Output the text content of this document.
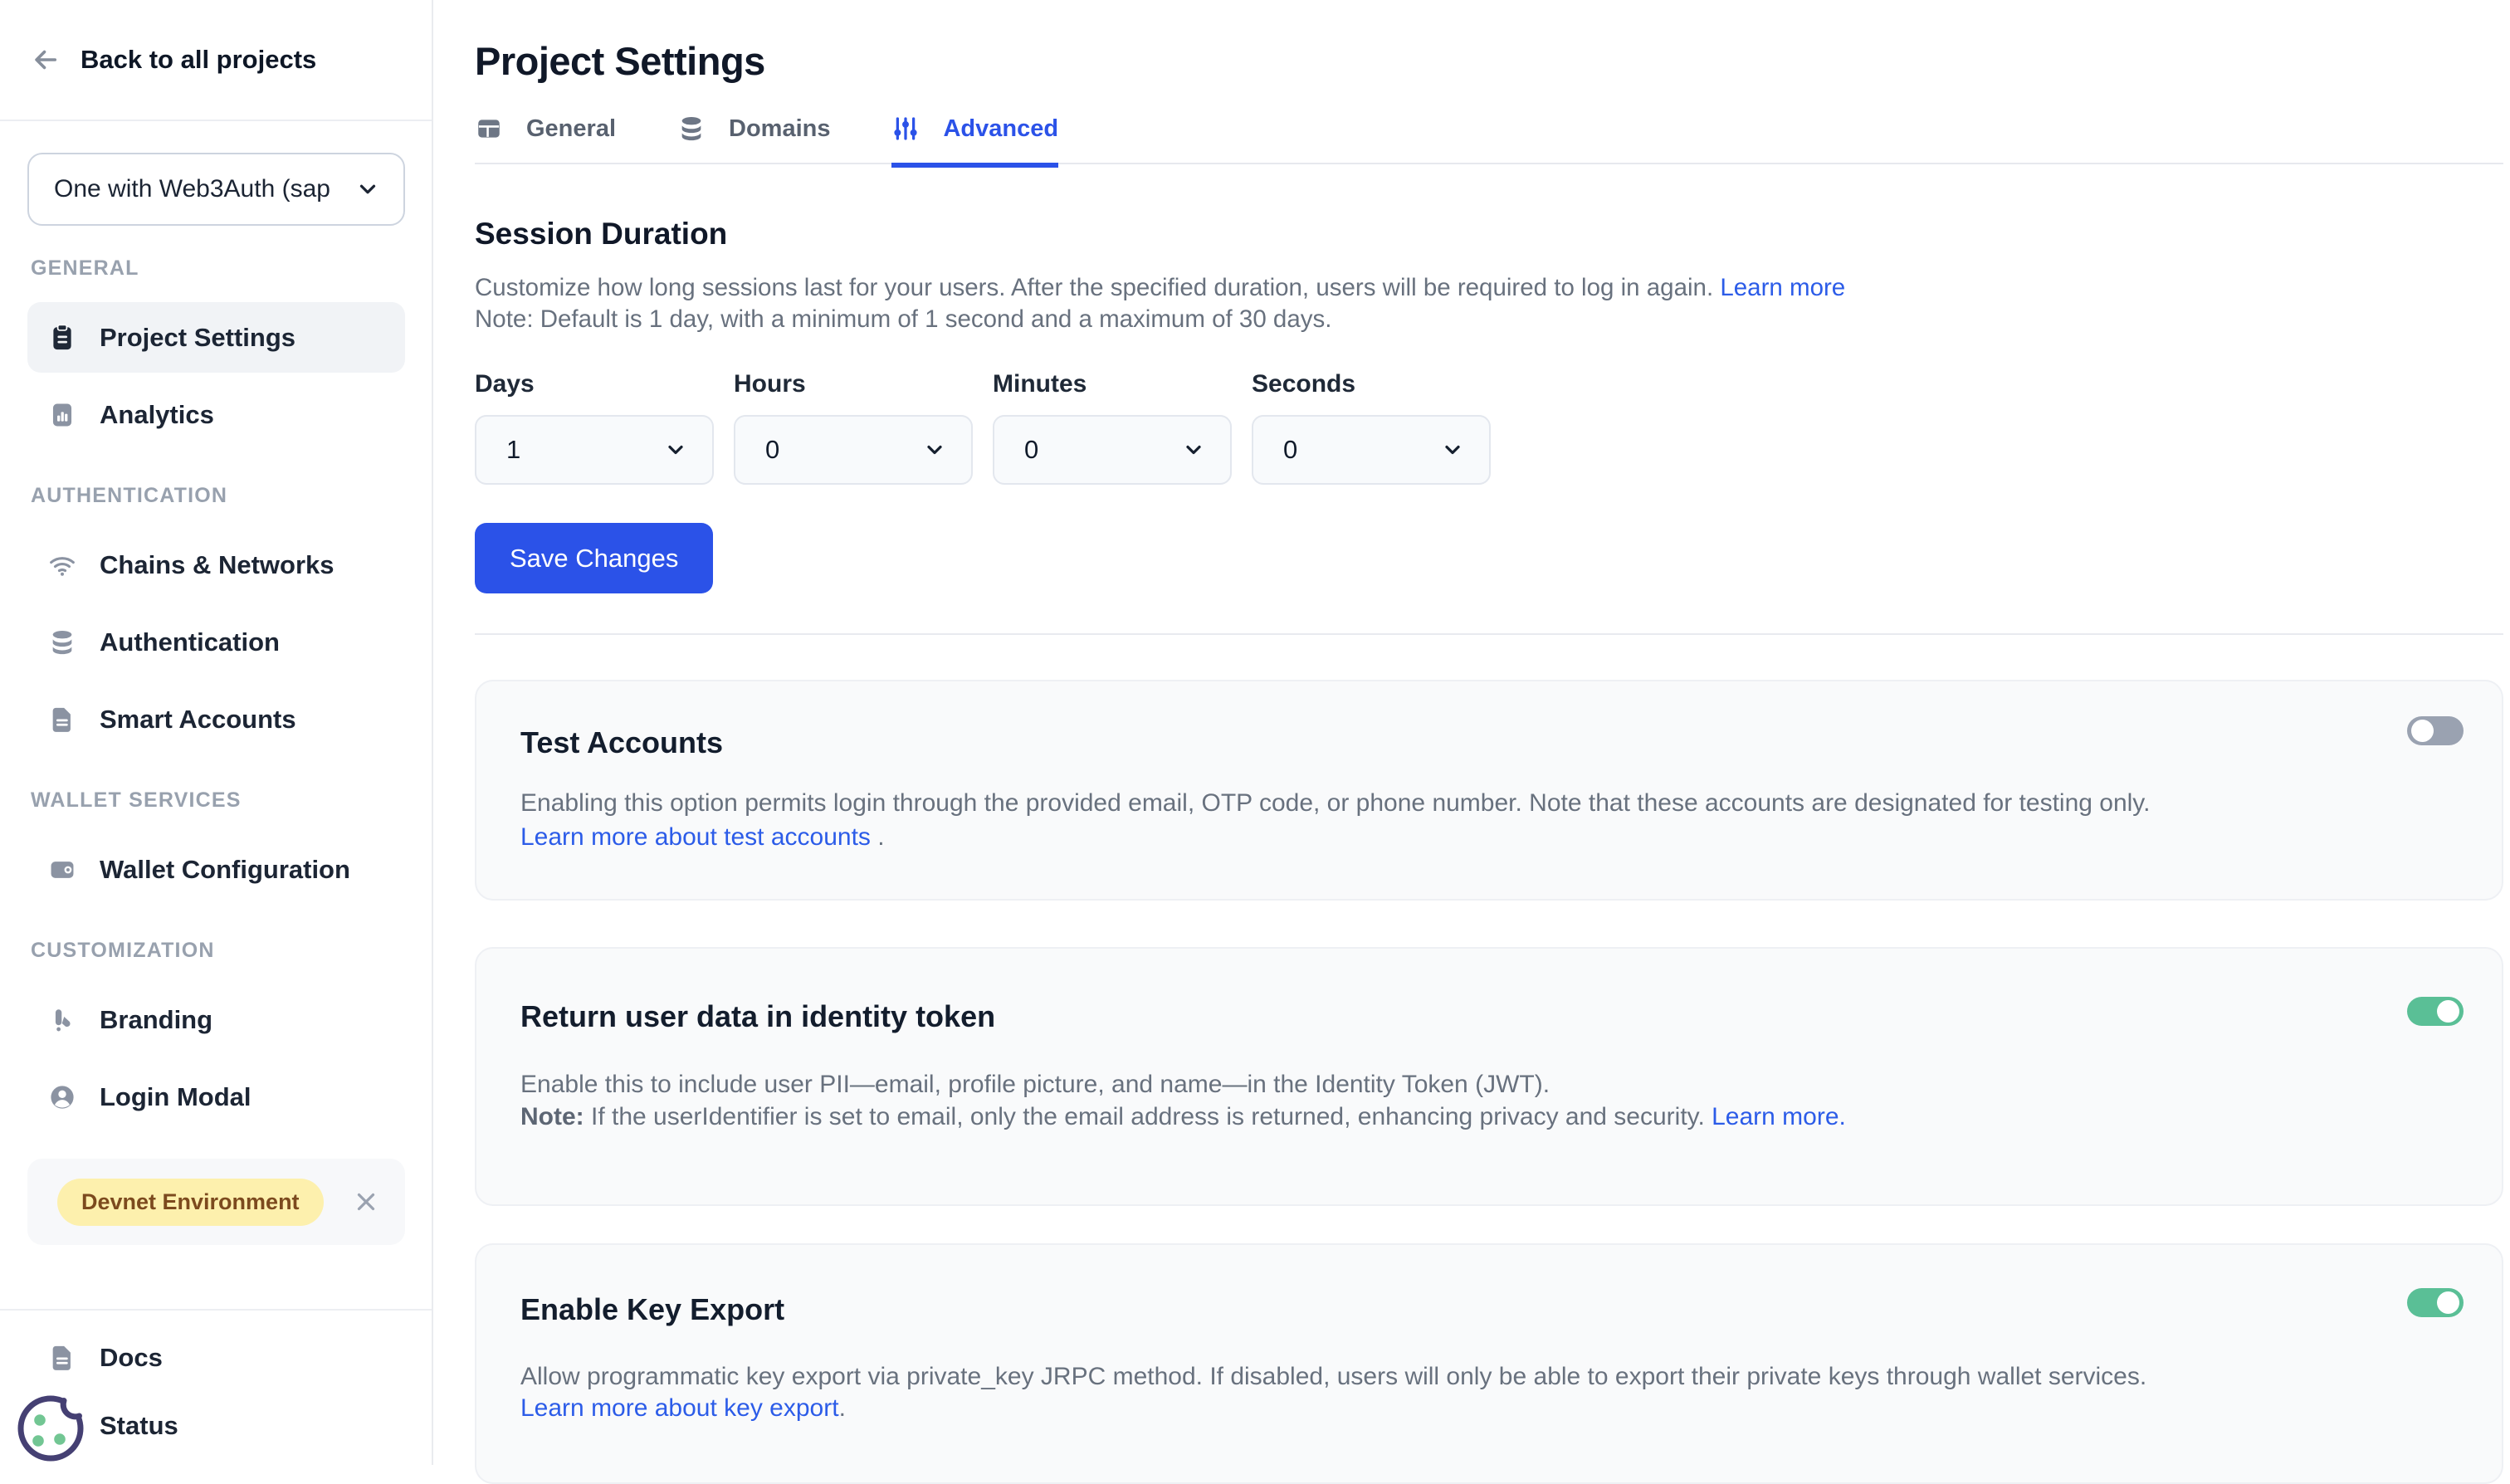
Back to all projects
One with Web3Auth (sap
GENERAL
Project Settings
Analytics
AUTHENTICATION
Chains & Networks
Authentication
Smart Accounts
WALLET SERVICES
Wallet Configuration
CUSTOMIZATION
Branding
Login Modal
Devnet Environment
Docs
Status
Project Settings
General	Domains	Advanced
Session Duration
Customize how long sessions last for your users. After the specified duration, users will be required to log in again. Learn more
Note: Default is 1 day, with a minimum of 1 second and a maximum of 30 days.
Days
1
Hours
0
Minutes
0
Seconds
0
Save Changes
Test Accounts
Enabling this option permits login through the provided email, OTP code, or phone number. Note that these accounts are designated for testing only. Learn more about test accounts .
Return user data in identity token
Enable this to include user PII—email, profile picture, and name—in the Identity Token (JWT).
Note: If the userIdentifier is set to email, only the email address is returned, enhancing privacy and security. Learn more.
Enable Key Export
Allow programmatic key export via private_key JRPC method. If disabled, users will only be able to export their private keys through wallet services.
Learn more about key export.
